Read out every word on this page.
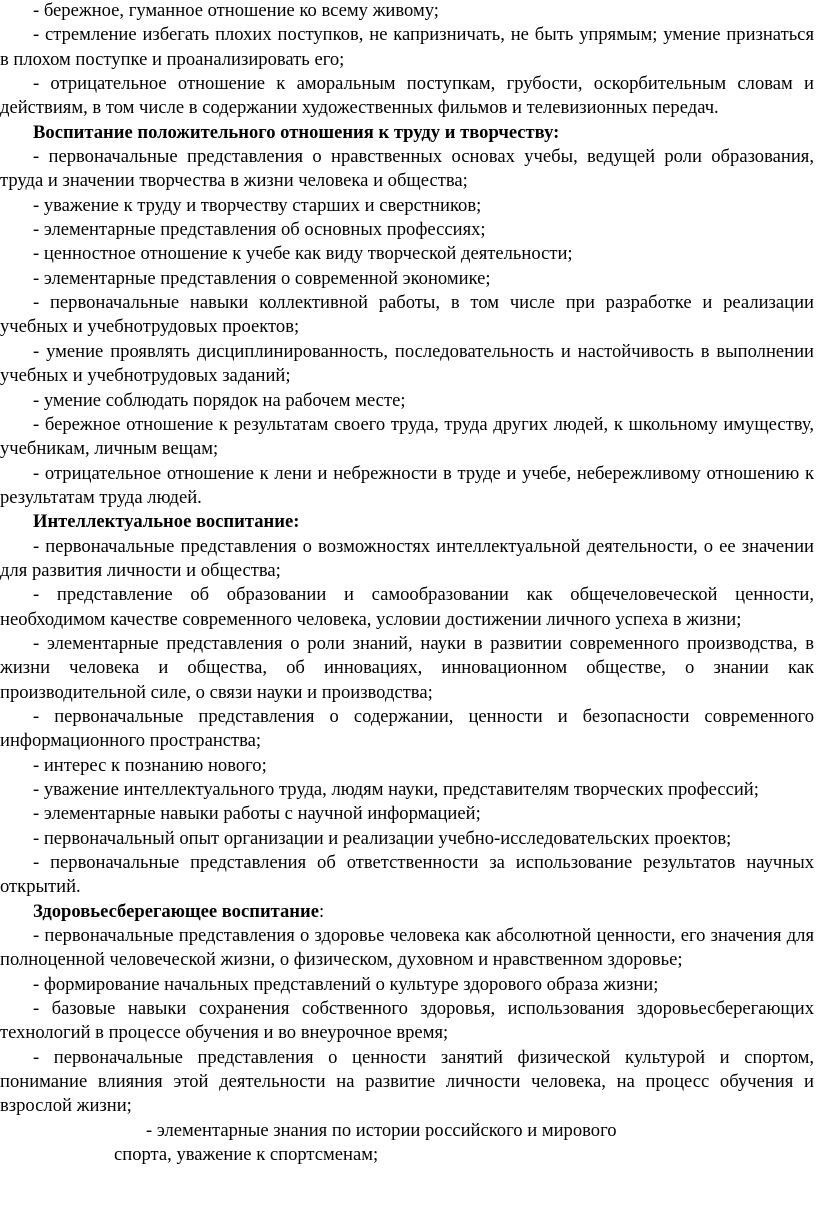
- бережное, гуманное отношение ко всему живому;

- стремление избегать плохих поступков, не капризничать, не быть упрямым; умение признаться в плохом поступке и проанализировать его;

- отрицательное отношение к аморальным поступкам, грубости, оскорбительным словам и действиям, в том числе в содержании художественных фильмов и телевизионных передач.

Воспитание положительного отношения к труду и творчеству:

- первоначальные представления о нравственных основах учебы, ведущей роли образования, труда и значении творчества в жизни человека и общества;

- уважение к труду и творчеству старших и сверстников;

- элементарные представления об основных профессиях;

- ценностное отношение к учебе как виду творческой деятельности;

- элементарные представления о современной экономике;

- первоначальные навыки коллективной работы, в том числе при разработке и реализации учебных и учебнотрудовых проектов;

- умение проявлять дисциплинированность, последовательность и настойчивость в выполнении учебных и учебнотрудовых заданий;

- умение соблюдать порядок на рабочем месте;

- бережное отношение к результатам своего труда, труда других людей, к школьному имуществу, учебникам, личным вещам;

- отрицательное отношение к лени и небрежности в труде и учебе, небережливому отношению к результатам труда людей.

Интеллектуальное воспитание:

- первоначальные представления о возможностях интеллектуальной деятельности, о ее значении для развития личности и общества;

- представление об образовании и самообразовании как общечеловеческой ценности, необходимом качестве современного человека, условии достижении личного успеха в жизни;

- элементарные представления о роли знаний, науки в развитии современного производства, в жизни человека и общества, об инновациях, инновационном обществе, о знании как производительной силе, о связи науки и производства;

- первоначальные представления о содержании, ценности и безопасности современного информационного пространства;

- интерес к познанию нового;

- уважение интеллектуального труда, людям науки, представителям творческих профессий;

- элементарные навыки работы с научной информацией;

- первоначальный опыт организации и реализации учебно-исследовательских проектов;

- первоначальные представления об ответственности за использование результатов научных открытий.

Здоровьесберегающее воспитание:

- первоначальные представления о здоровье человека как абсолютной ценности, его значения для полноценной человеческой жизни, о физическом, духовном и нравственном здоровье;

- формирование начальных представлений о культуре здорового образа жизни;

- базовые навыки сохранения собственного здоровья, использования здоровьесберегающих технологий в процессе обучения и во внеурочное время;

- первоначальные представления о ценности занятий физической культурой и спортом, понимание влияния этой деятельности на развитие личности человека, на процесс обучения и взрослой жизни;

- элементарные знания по истории российского и мирового

спорта, уважение к спортсменам;
